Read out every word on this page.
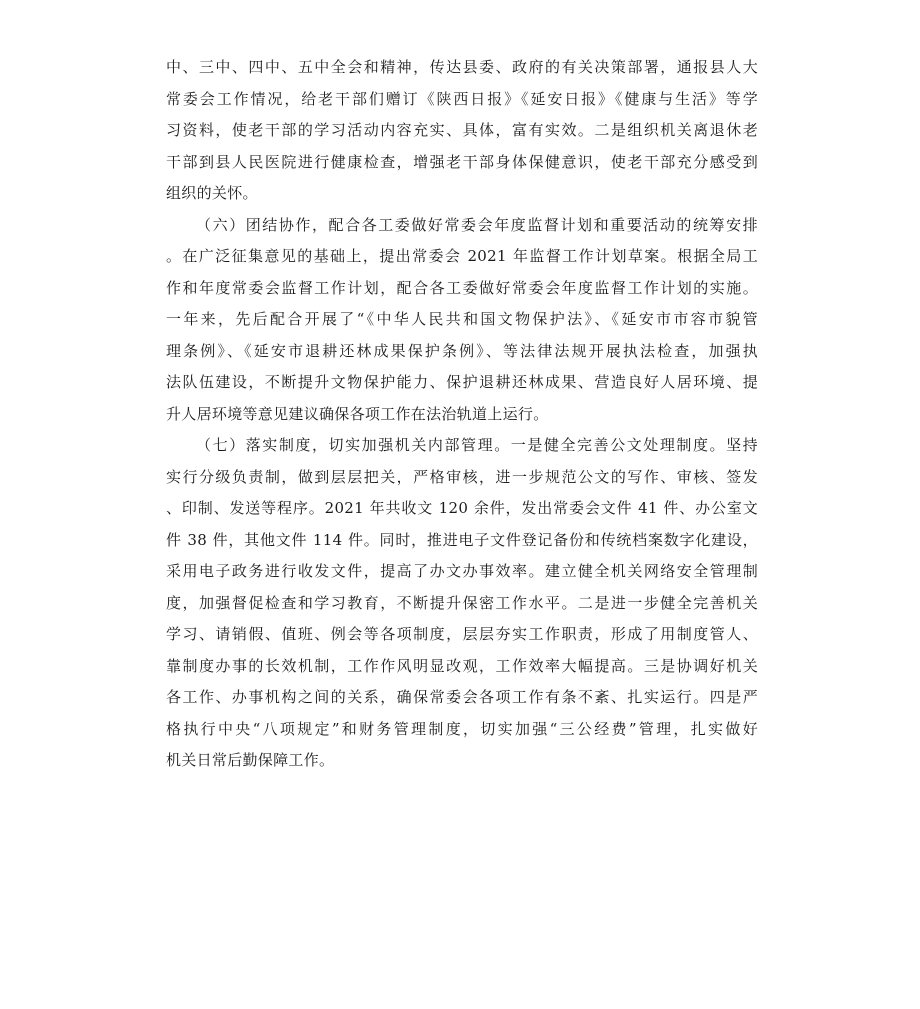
中、三中、四中、五中全会和精神，传达县委、政府的有关决策部署，通报县人大
常委会工作情况，给老干部们赠订《陕西日报》《延安日报》《健康与生活》等学
习资料，使老干部的学习活动内容充实、具体，富有实效。二是组织机关离退休老
干部到县人民医院进行健康检查，增强老干部身体保健意识，使老干部充分感受到
组织的关怀。
（六）团结协作，配合各工委做好常委会年度监督计划和重要活动的统筹安排
。在广泛征集意见的基础上，提出常委会 2021 年监督工作计划草案。根据全局工
作和年度常委会监督工作计划，配合各工委做好常委会年度监督工作计划的实施。
一年来，先后配合开展了“《中华人民共和国文物保护法》、《延安市市容市貌管
理条例》、《延安市退耕还林成果保护条例》、等法律法规开展执法检查，加强执
法队伍建设，不断提升文物保护能力、保护退耕还林成果、营造良好人居环境、提
升人居环境等意见建议确保各项工作在法治轨道上运行。
（七）落实制度，切实加强机关内部管理。一是健全完善公文处理制度。坚持
实行分级负责制，做到层层把关，严格审核，进一步规范公文的写作、审核、签发
、印制、发送等程序。2021 年共收文 120 余件，发出常委会文件 41 件、办公室文
件 38 件，其他文件 114 件。同时，推进电子文件登记备份和传统档案数字化建设，
采用电子政务进行收发文件，提高了办文办事效率。建立健全机关网络安全管理制
度，加强督促检查和学习教育，不断提升保密工作水平。二是进一步健全完善机关
学习、请销假、值班、例会等各项制度，层层夯实工作职责，形成了用制度管人、
靠制度办事的长效机制，工作作风明显改观，工作效率大幅提高。三是协调好机关
各工作、办事机构之间的关系，确保常委会各项工作有条不紊、扎实运行。四是严
格执行中央“八项规定”和财务管理制度，切实加强“三公经费”管理，扎实做好
机关日常后勤保障工作。
